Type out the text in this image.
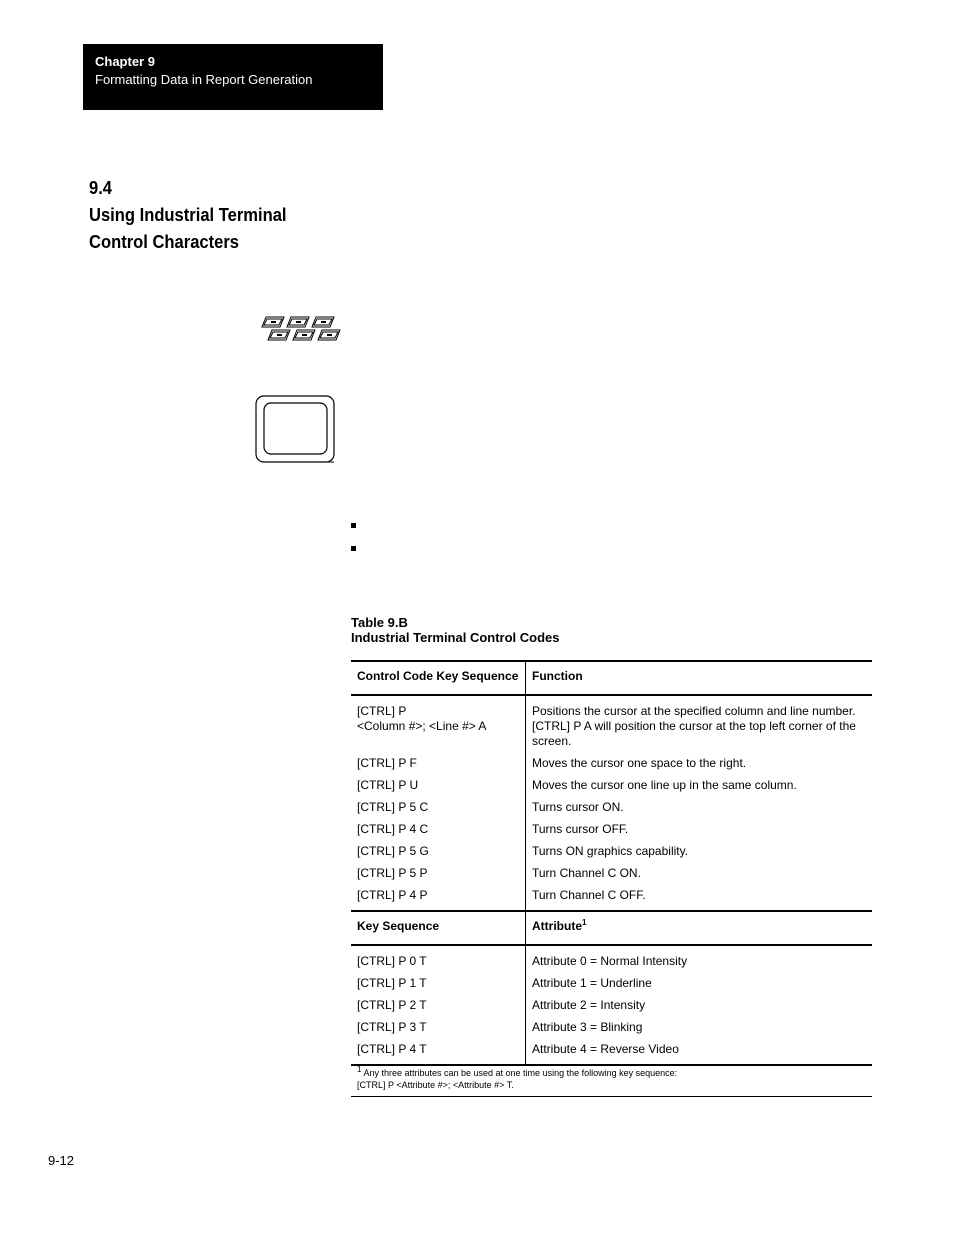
Chapter 9
Formatting Data in Report Generation
9.4
Using Industrial Terminal
Control Characters
Table 9.B
Industrial Terminal Control Codes
Control Code Key Sequence	Function
[CTRL] P
<Column #>; <Line #> A	Positions the cursor at the specified column and line number. [CTRL] P A will position the cursor at the top left corner of the screen.
[CTRL] P F	Moves the cursor one space to the right.
[CTRL] P U	Moves the cursor one line up in the same column.
[CTRL] P 5 C	Turns cursor ON.
[CTRL] P 4 C	Turns cursor OFF.
[CTRL] P 5 G	Turns ON graphics capability.
[CTRL] P 5 P	Turn Channel C ON.
[CTRL] P 4 P	Turn Channel C OFF.
Key Sequence	Attribute$^1$
[CTRL] P 0 T	Attribute 0 = Normal Intensity
[CTRL] P 1 T	Attribute 1 = Underline
[CTRL] P 2 T	Attribute 2 = Intensity
[CTRL] P 3 T	Attribute 3 = Blinking
[CTRL] P 4 T	Attribute 4 = Reverse Video
$^1$ Any three attributes can be used at one time using the following key sequence:
[CTRL] P <Attribute #>; <Attribute #> T.	
9-12
